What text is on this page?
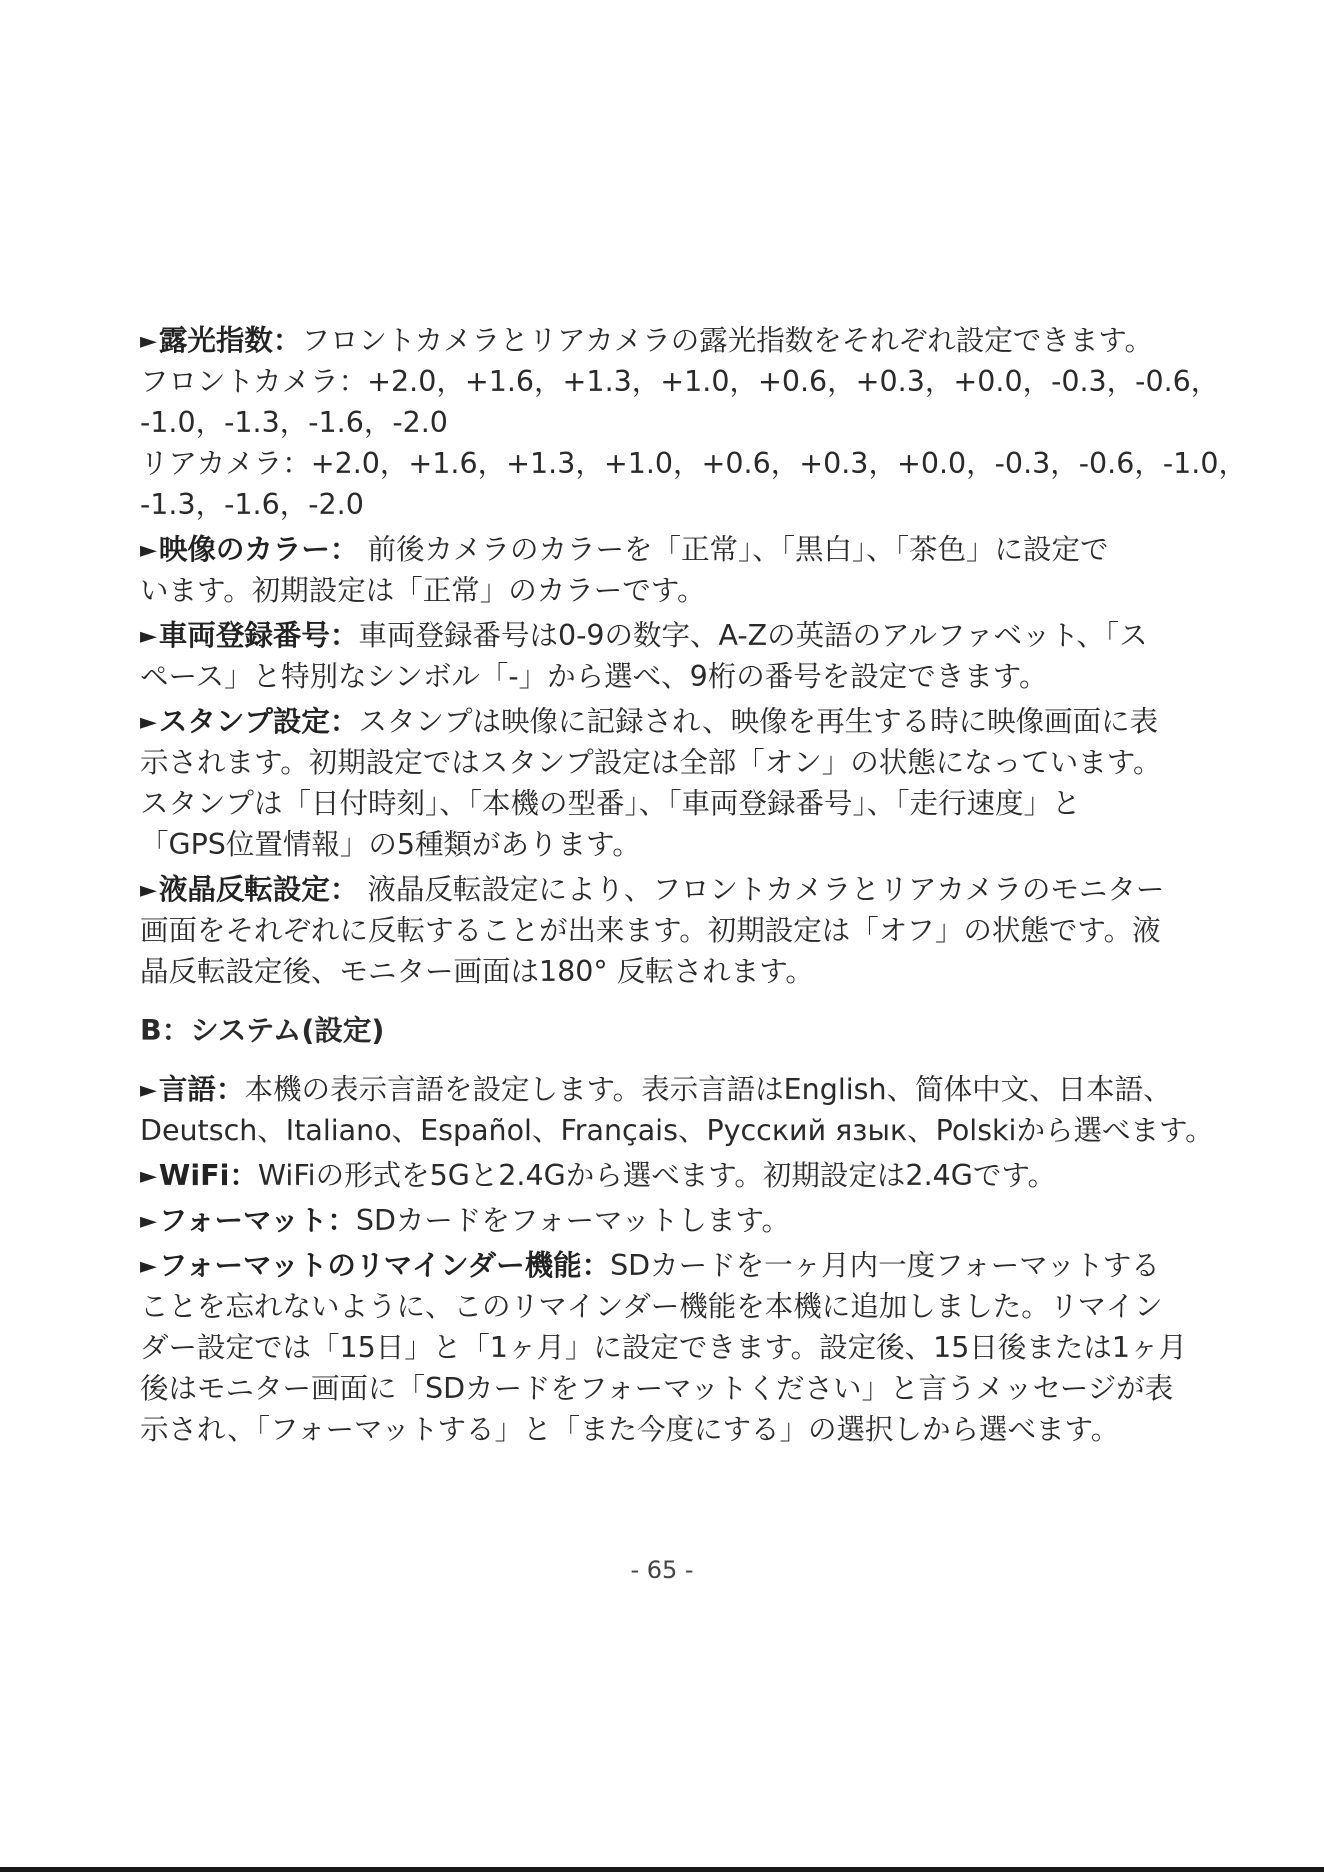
►露光指数：フロントカメラとリアカメラの露光指数をそれぞれ設定できます。
フロントカメラ：+2.0，+1.6，+1.3，+1.0，+0.6，+0.3，+0.0，-0.3，-0.6，
-1.0，-1.3，-1.6，-2.0
リアカメラ：+2.0，+1.6，+1.3，+1.0，+0.6，+0.3，+0.0，-0.3，-0.6，-1.0，
-1.3，-1.6，-2.0
►映像のカラー： 前後カメラのカラーを「正常」、「黒白」、「茶色」に設定で
います。初期設定は「正常」のカラーです。
►車両登録番号：車両登録番号は0-9の数字、A-Zの英語のアルファベット、「ス
ペース」と特別なシンボル「-」から選べ、9桁の番号を設定できます。
►スタンプ設定：スタンプは映像に記録され、映像を再生する時に映像画面に表
示されます。初期設定ではスタンプ設定は全部「オン」の状態になっています。
スタンプは「日付時刻」、「本機の型番」、「車両登録番号」、「走行速度」と
「GPS位置情報」の5種類があります。
►液晶反転設定： 液晶反転設定により、フロントカメラとリアカメラのモニター
画面をそれぞれに反転することが出来ます。初期設定は「オフ」の状態です。液
晶反転設定後、モニター画面は180° 反転されます。
B：システム(設定)
►言語：本機の表示言語を設定します。表示言語はEnglish、简体中文、日本語、
Deutsch、Italiano、Español、Français、Русский язык、Polskiから選べます。
►WiFi：WiFiの形式を5Gと2.4Gから選べます。初期設定は2.4Gです。
►フォーマット：SDカードをフォーマットします。
►フォーマットのリマインダー機能：SDカードを一ヶ月内一度フォーマットする
ことを忘れないように、このリマインダー機能を本機に追加しました。リマイン
ダー設定では「15日」と「1ヶ月」に設定できます。設定後、15日後または1ヶ月
後はモニター画面に「SDカードをフォーマットください」と言うメッセージが表
示され、「フォーマットする」と「また今度にする」の選択しから選べます。
- 65 -
